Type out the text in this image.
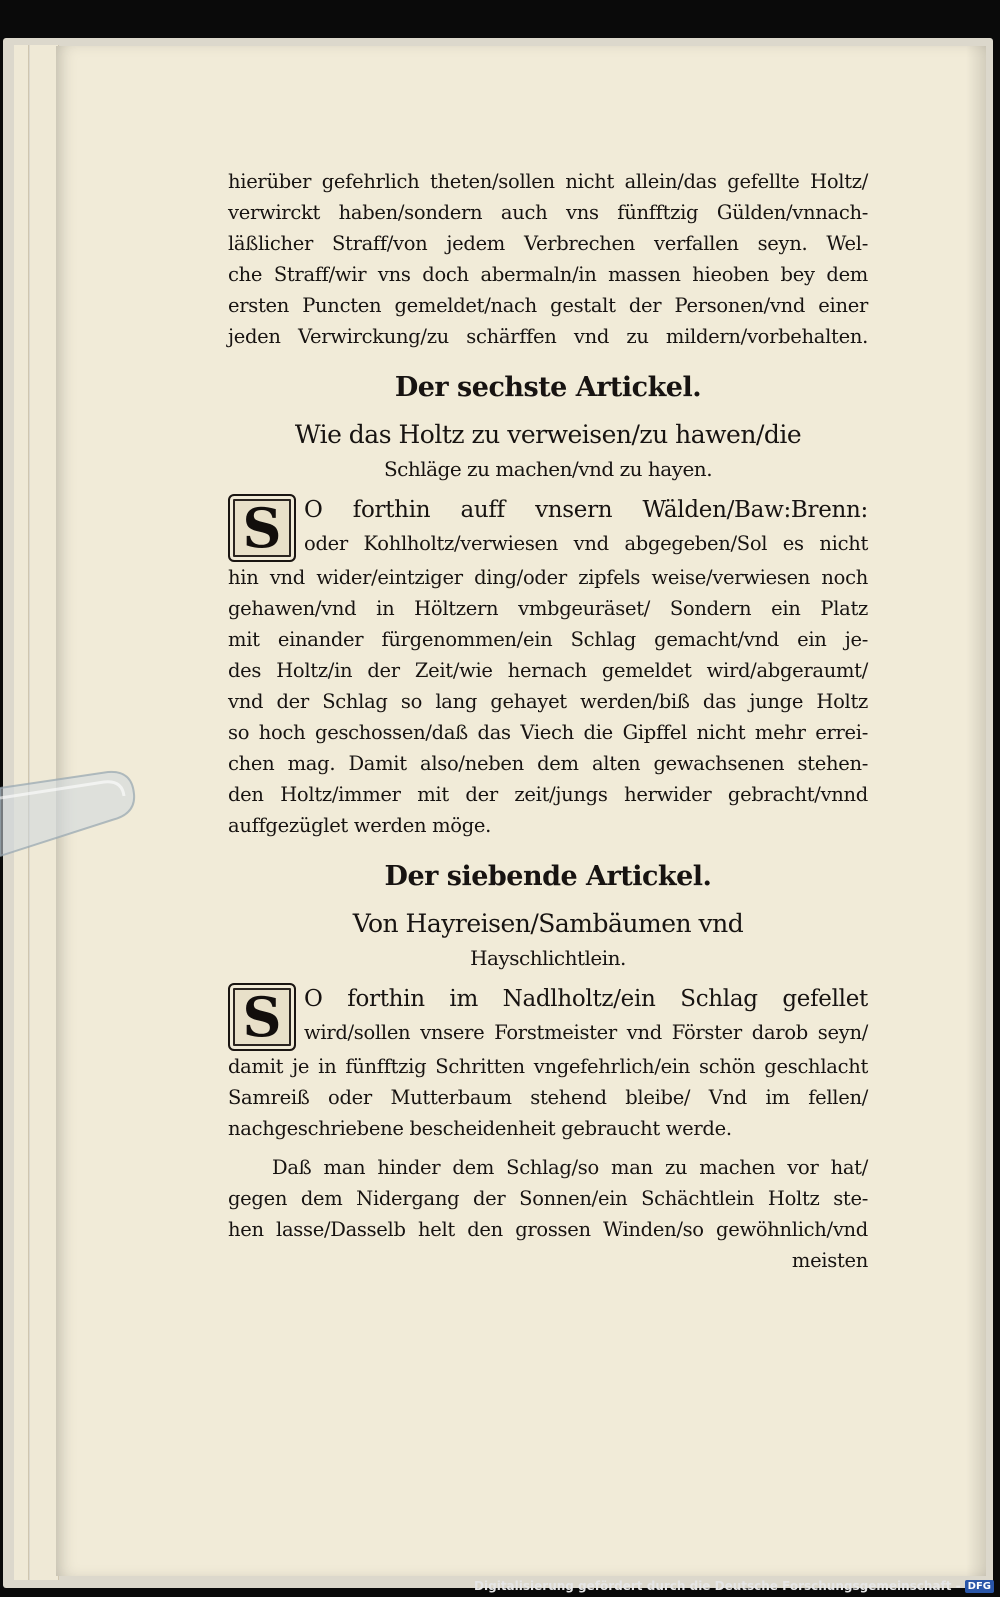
hierüber gefehrlich theten/sollen nicht allein/das gefellte Holtz/
verwirckt haben/sondern auch vns fünfftzig Gülden/vnnach-
läßlicher Straff/von jedem Verbrechen verfallen seyn. Wel-
che Straff/wir vns doch abermaln/in massen hieoben bey dem
ersten Puncten gemeldet/nach gestalt der Personen/vnd einer
jeden Verwirckung/zu schärffen vnd zu mildern/vorbehalten.
Der sechste Artickel.
Wie das Holtz zu verweisen/zu hawen/die
Schläge zu machen/vnd zu hayen.
S O forthin auff vnsern Wälden/Baw:Brenn:
oder Kohlholtz/verwiesen vnd abgegeben/Sol es nicht
hin vnd wider/eintziger ding/oder zipfels weise/verwiesen noch
gehawen/vnd in Höltzern vmbgeuräset/ Sondern ein Platz
mit einander fürgenommen/ein Schlag gemacht/vnd ein je-
des Holtz/in der Zeit/wie hernach gemeldet wird/abgeraumt/
vnd der Schlag so lang gehayet werden/biß das junge Holtz
so hoch geschossen/daß das Viech die Gipffel nicht mehr errei-
chen mag. Damit also/neben dem alten gewachsenen stehen-
den Holtz/immer mit der zeit/jungs herwider gebracht/vnnd
auffgezüglet werden möge.
Der siebende Artickel.
Von Hayreisen/Sambäumen vnd
Hayschlichtlein.
S O forthin im Nadlholtz/ein Schlag gefellet
wird/sollen vnsere Forstmeister vnd Förster darob seyn/
damit je in fünfftzig Schritten vngefehrlich/ein schön geschlacht
Samreiß oder Mutterbaum stehend bleibe/ Vnd im fellen/
nachgeschriebene bescheidenheit gebraucht werde.
Daß man hinder dem Schlag/so man zu machen vor hat/
gegen dem Nidergang der Sonnen/ein Schächtlein Holtz ste-
hen lasse/Dasselb helt den grossen Winden/so gewöhnlich/vnd
meisten
Digitalisierung gefördert durch die Deutsche Forschungsgemeinschaft - DFG
